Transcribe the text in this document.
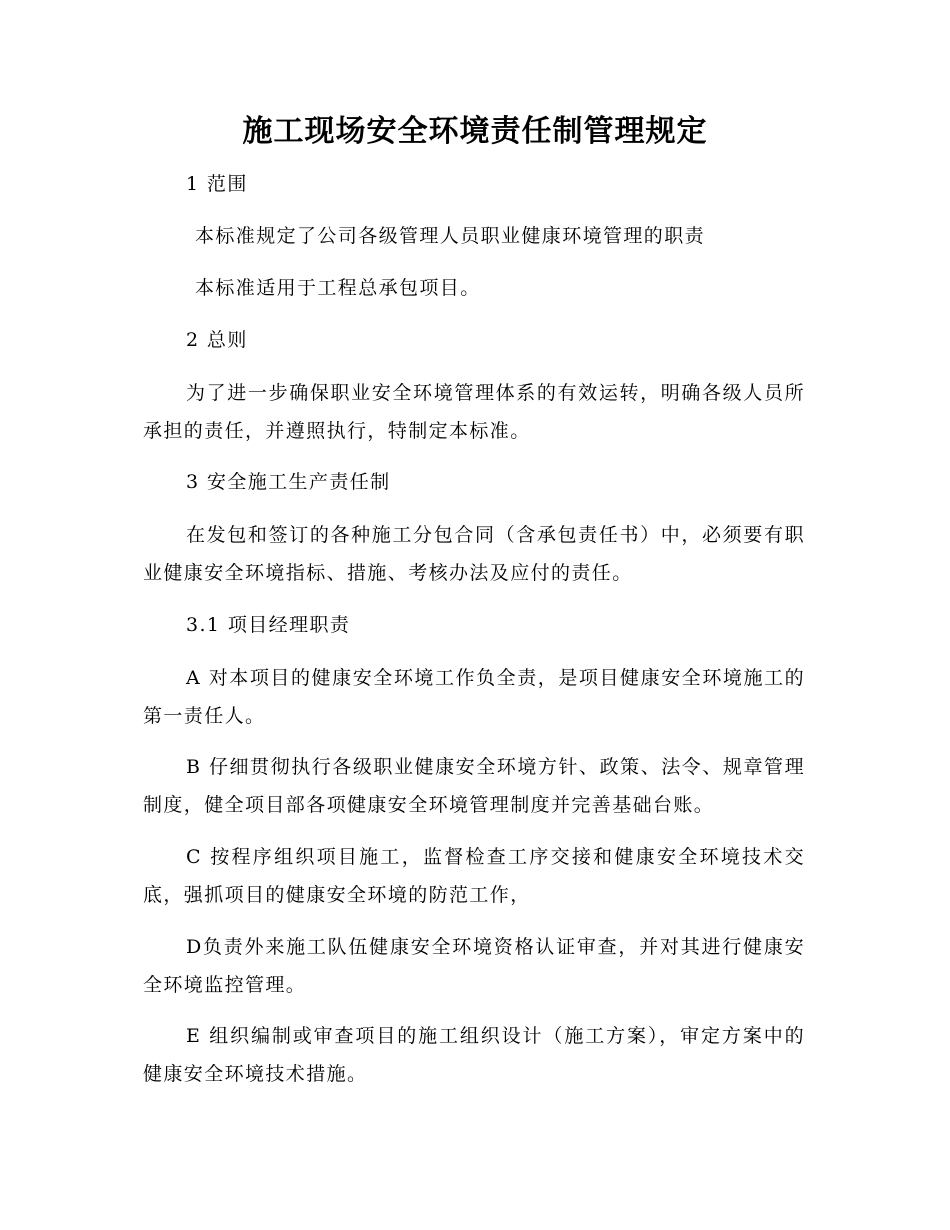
施工现场安全环境责任制管理规定

1 范围

本标准规定了公司各级管理人员职业健康环境管理的职责

本标准适用于工程总承包项目。

2 总则

为了进一步确保职业安全环境管理体系的有效运转，明确各级人员所承担的责任，并遵照执行，特制定本标准。

3 安全施工生产责任制

在发包和签订的各种施工分包合同（含承包责任书）中，必须要有职业健康安全环境指标、措施、考核办法及应付的责任。

3.1 项目经理职责

A 对本项目的健康安全环境工作负全责，是项目健康安全环境施工的第一责任人。

B 仔细贯彻执行各级职业健康安全环境方针、政策、法令、规章管理制度，健全项目部各项健康安全环境管理制度并完善基础台账。

C 按程序组织项目施工，监督检查工序交接和健康安全环境技术交底，强抓项目的健康安全环境的防范工作，

D负责外来施工队伍健康安全环境资格认证审查，并对其进行健康安全环境监控管理。

E 组织编制或审查项目的施工组织设计（施工方案），审定方案中的健康安全环境技术措施。
